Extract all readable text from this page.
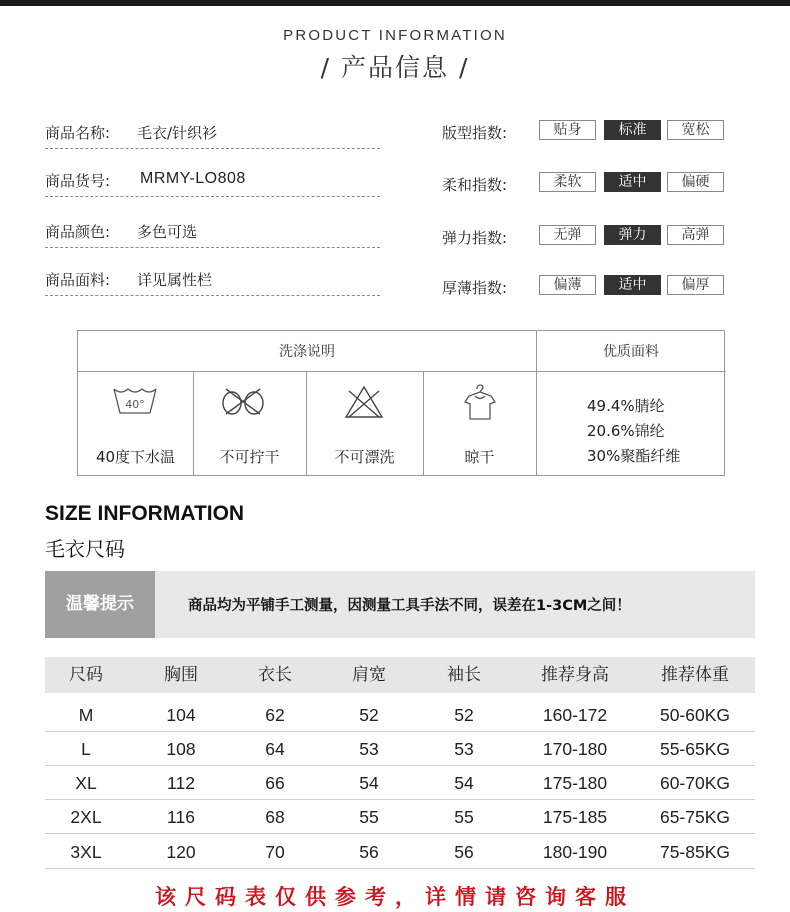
PRODUCT INFORMATION
/ 产品信息 /
商品名称: 毛衣/针织衫
商品货号: MRMY-LO808
商品颜色: 多色可选
商品面料: 详见属性栏
版型指数:	贴身	标准	宽松
柔和指数:	柔软	适中	偏硬
弹力指数:	无弹	弹力	高弹
厚薄指数:	偏薄	适中	偏厚
洗涤说明	优质面料
40°
40度下水温	不可拧干	不可漂洗	晾干
49.4%腈纶
20.6%锦纶
30%聚酯纤维
SIZE INFORMATION
毛衣尺码
温馨提示	商品均为平铺手工测量，因测量工具手法不同，误差在1-3CM之间！
尺码	胸围	衣长	肩宽	袖长	推荐身高	推荐体重
M	104	62	52	52	160-172	50-60KG
L	108	64	53	53	170-180	55-65KG
XL	112	66	54	54	175-180	60-70KG
2XL	116	68	55	55	175-185	65-75KG
3XL	120	70	56	56	180-190	75-85KG
该尺码表仅供参考，详情请咨询客服
